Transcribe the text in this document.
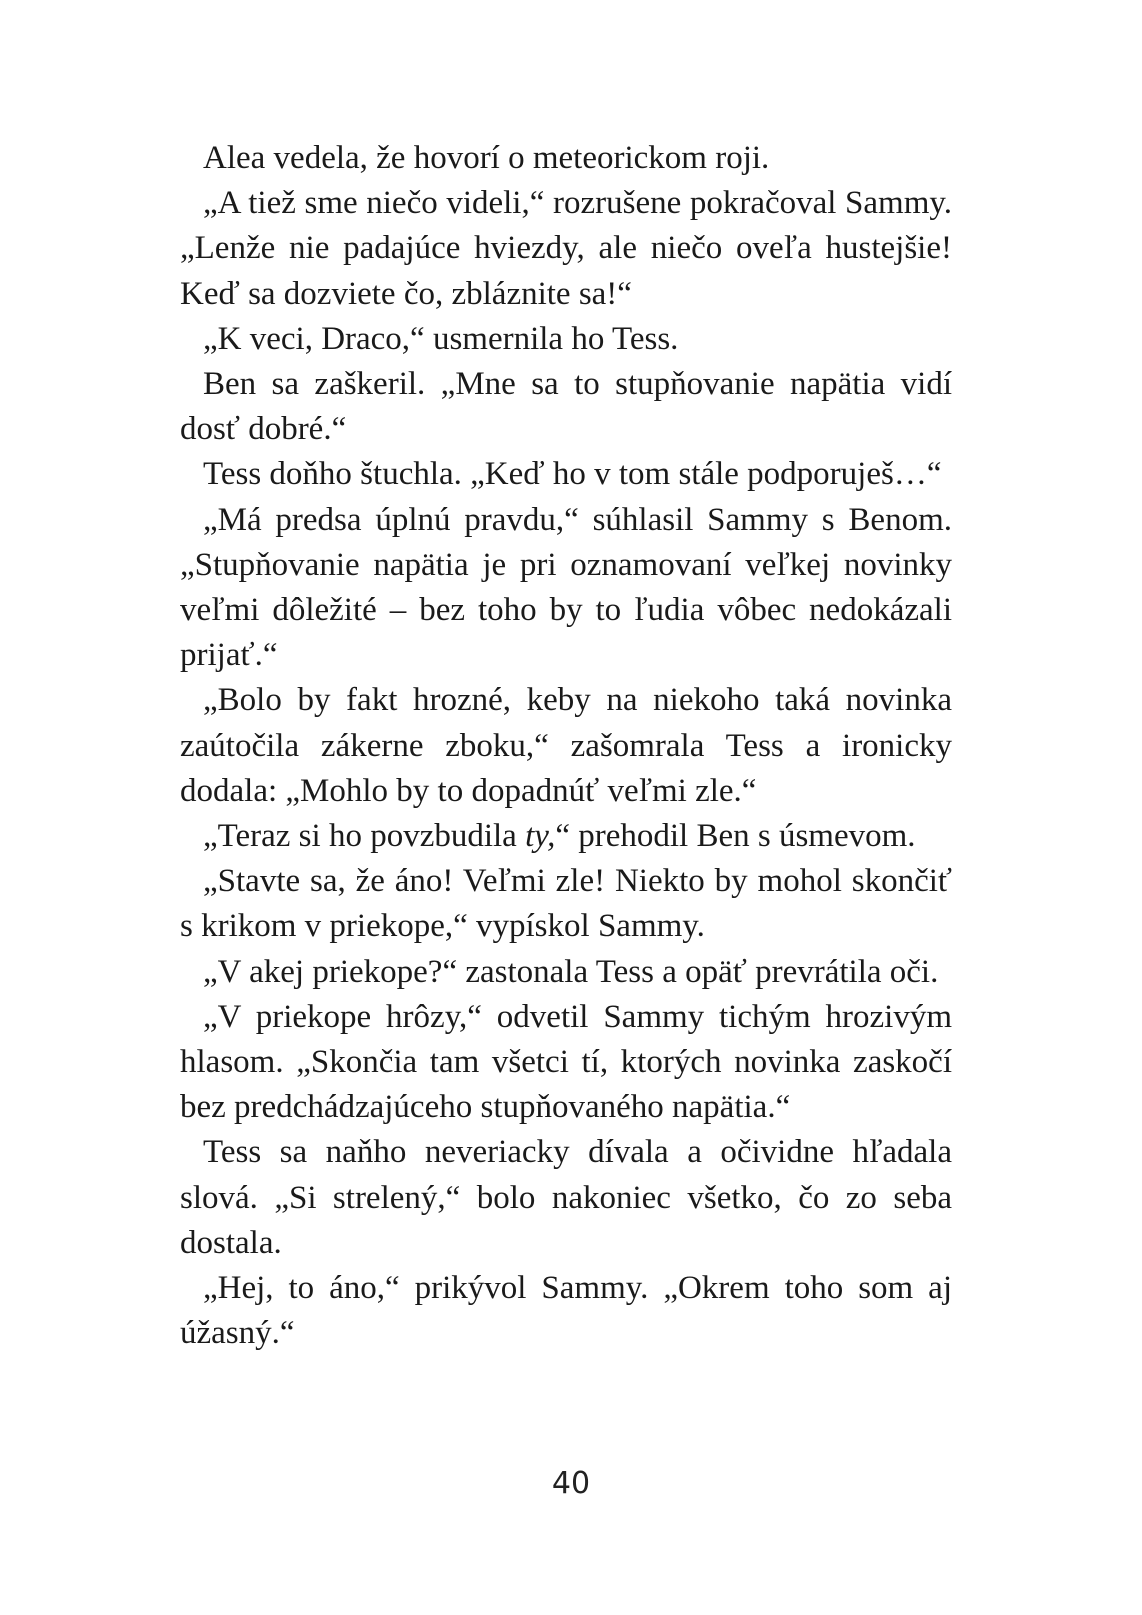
Alea vedela, že hovorí o meteorickom roji.

„A tiež sme niečo videli,“ rozrušene pokračoval Sammy. „Lenže nie padajúce hviezdy, ale niečo oveľa hustejšie! Keď sa dozviete čo, zbláznite sa!“

„K veci, Draco,“ usmernila ho Tess.

Ben sa zaškeril. „Mne sa to stupňovanie napätia vidí dosť dobré.“

Tess doňho štuchla. „Keď ho v tom stále podporuješ…“

„Má predsa úplnú pravdu,“ súhlasil Sammy s Benom. „Stupňovanie napätia je pri oznamovaní veľkej novinky veľmi dôležité – bez toho by to ľudia vôbec nedokázali prijať.“

„Bolo by fakt hrozné, keby na niekoho taká novinka zaútočila zákerne zboku,“ zašomrala Tess a ironicky dodala: „Mohlo by to dopadnúť veľmi zle.“

„Teraz si ho povzbudila ty,“ prehodil Ben s úsmevom.

„Stavte sa, že áno! Veľmi zle! Niekto by mohol skončiť s krikom v priekope,“ vypískol Sammy.

„V akej priekope?“ zastonala Tess a opäť prevrátila oči.

„V priekope hrôzy,“ odvetil Sammy tichým hrozivým hlasom. „Skončia tam všetci tí, ktorých novinka zaskočí bez predchádzajúceho stupňovaného napätia.“

Tess sa naňho neveriacky dívala a očividne hľadala slová. „Si strelený,“ bolo nakoniec všetko, čo zo seba dostala.

„Hej, to áno,“ prikývol Sammy. „Okrem toho som aj úžasný.“

40
